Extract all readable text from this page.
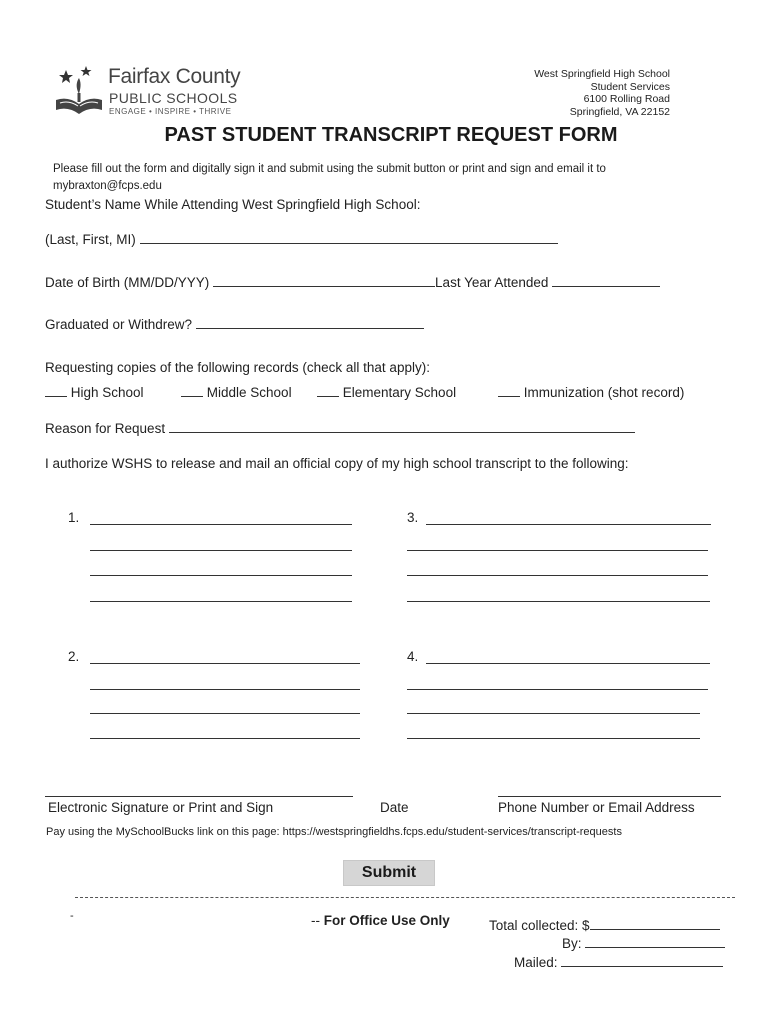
Fairfax County
PUBLIC SCHOOLS
ENGAGE • INSPIRE • THRIVE
West Springfield High School
Student Services
6100 Rolling Road
Springfield, VA 22152
PAST STUDENT TRANSCRIPT REQUEST FORM
Please fill out the form and digitally sign it and submit using the submit button or print and sign and email it to mybraxton@fcps.edu
Student’s Name While Attending West Springfield High School:
(Last, First, MI)
Date of Birth (MM/DD/YYY)	Last Year Attended
Graduated or Withdrew?
Requesting copies of the following records (check all that apply):
High School	Middle School	Elementary School	Immunization (shot record)
Reason for Request
I authorize WSHS to release and mail an official copy of my high school transcript to the following:
1.	3.
2.	4.
Electronic Signature or Print and Sign	Date	Phone Number or Email Address
Pay using the MySchoolBucks link on this page: https://westspringfieldhs.fcps.edu/student-services/transcript-requests
Submit
-	-- For Office Use Only	Total collected: $
By:
Mailed:
